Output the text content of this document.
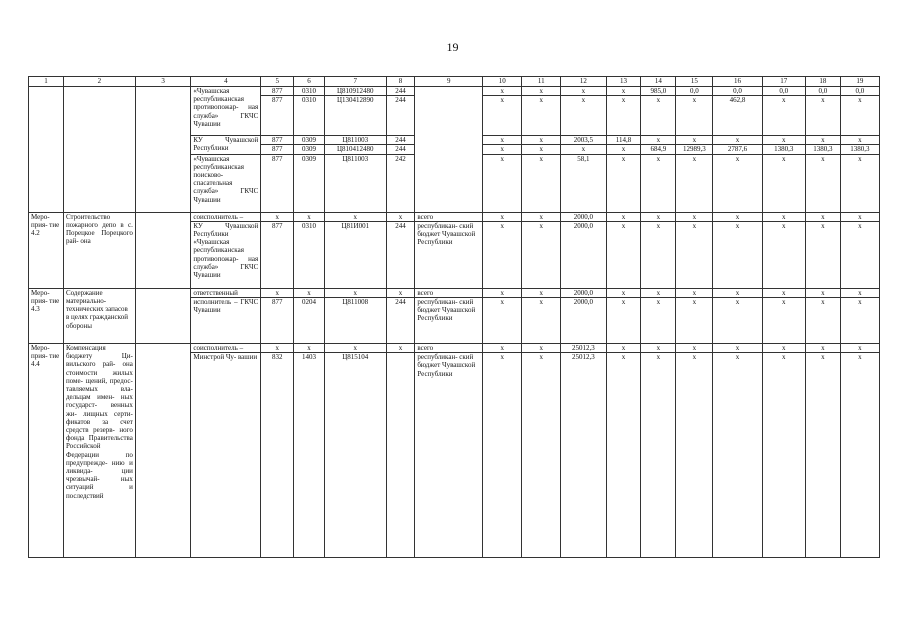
19
1	2	3	4	5	6	7	8	9	10	11	12	13	14	15	16	17	18	19
			«Чувашская республиканская противопожар- ная служба» ГКЧС Чувашии	877	0310	Ц810912480	244		x	x	x	x	985,0	0,0	0,0	0,0	0,0	0,0
				877	0310	Ц130412890	244		x	x	x	x	x	x	462,8	x	x	x
			КУ Чувашской Республики	877	0309	Ц811003	244		x	x	2003,5	114,8	x	x	x	x	x	x
				877	0309	Ц810412480	244		x	x	x	x	684,9	12989,3	2787,6	1380,3	1380,3	1380,3
			«Чувашская республиканская поисково- спасательная служба» ГКЧС Чувашии	877	0309	Ц811003	242		x	x	58,1	x	x	x	x	x	x	x
Меро- прия- тие 4.2	Строительство пожарного депо в с. Порецкое Порецкого рай- она		соисполнитель –	x	x	x	x	всего	x	x	2000,0	x	x	x	x	x	x	x
			КУ Чувашской Республики «Чувашская республиканская противопожар- ная служба» ГКЧС Чувашии	877	0310	Ц81И001	244	республикан- ский бюджет Чувашской Республики	x	x	2000,0	x	x	x	x	x	x	x
Меро- прия- тие 4.3	Содержание материально- технических запасов в целях гражданской обороны		ответственный	x	x	x	x	всего	x	x	2000,0	x	x	x	x	x	x	x
			исполнитель – ГКЧС Чувашии	877	0204	Ц811008	244	республикан- ский бюджет Чувашской Республики	x	x	2000,0	x	x	x	x	x	x	x
Меро- прия- тие 4.4	Компенсация бюджету Ци- вильского рай- она стоимости жилых поме- щений, предос- тавляемых вла- дельцам имен- ных государст- венных жи- лищных серти- фикатов за счет средств резерв- ного фонда Правительства Российской Федерации по предупрежде- нию и ликвида- ции чрезвычай- ных ситуаций и последствий		соисполнитель –	x	x	x	x	всего	x	x	25012,3	x	x	x	x	x	x	x
			Минстрой Чу- вашии	832	1403	Ц815104		республикан- ский бюджет Чувашской Республики	x	x	25012,3	x	x	x	x	x	x	x
